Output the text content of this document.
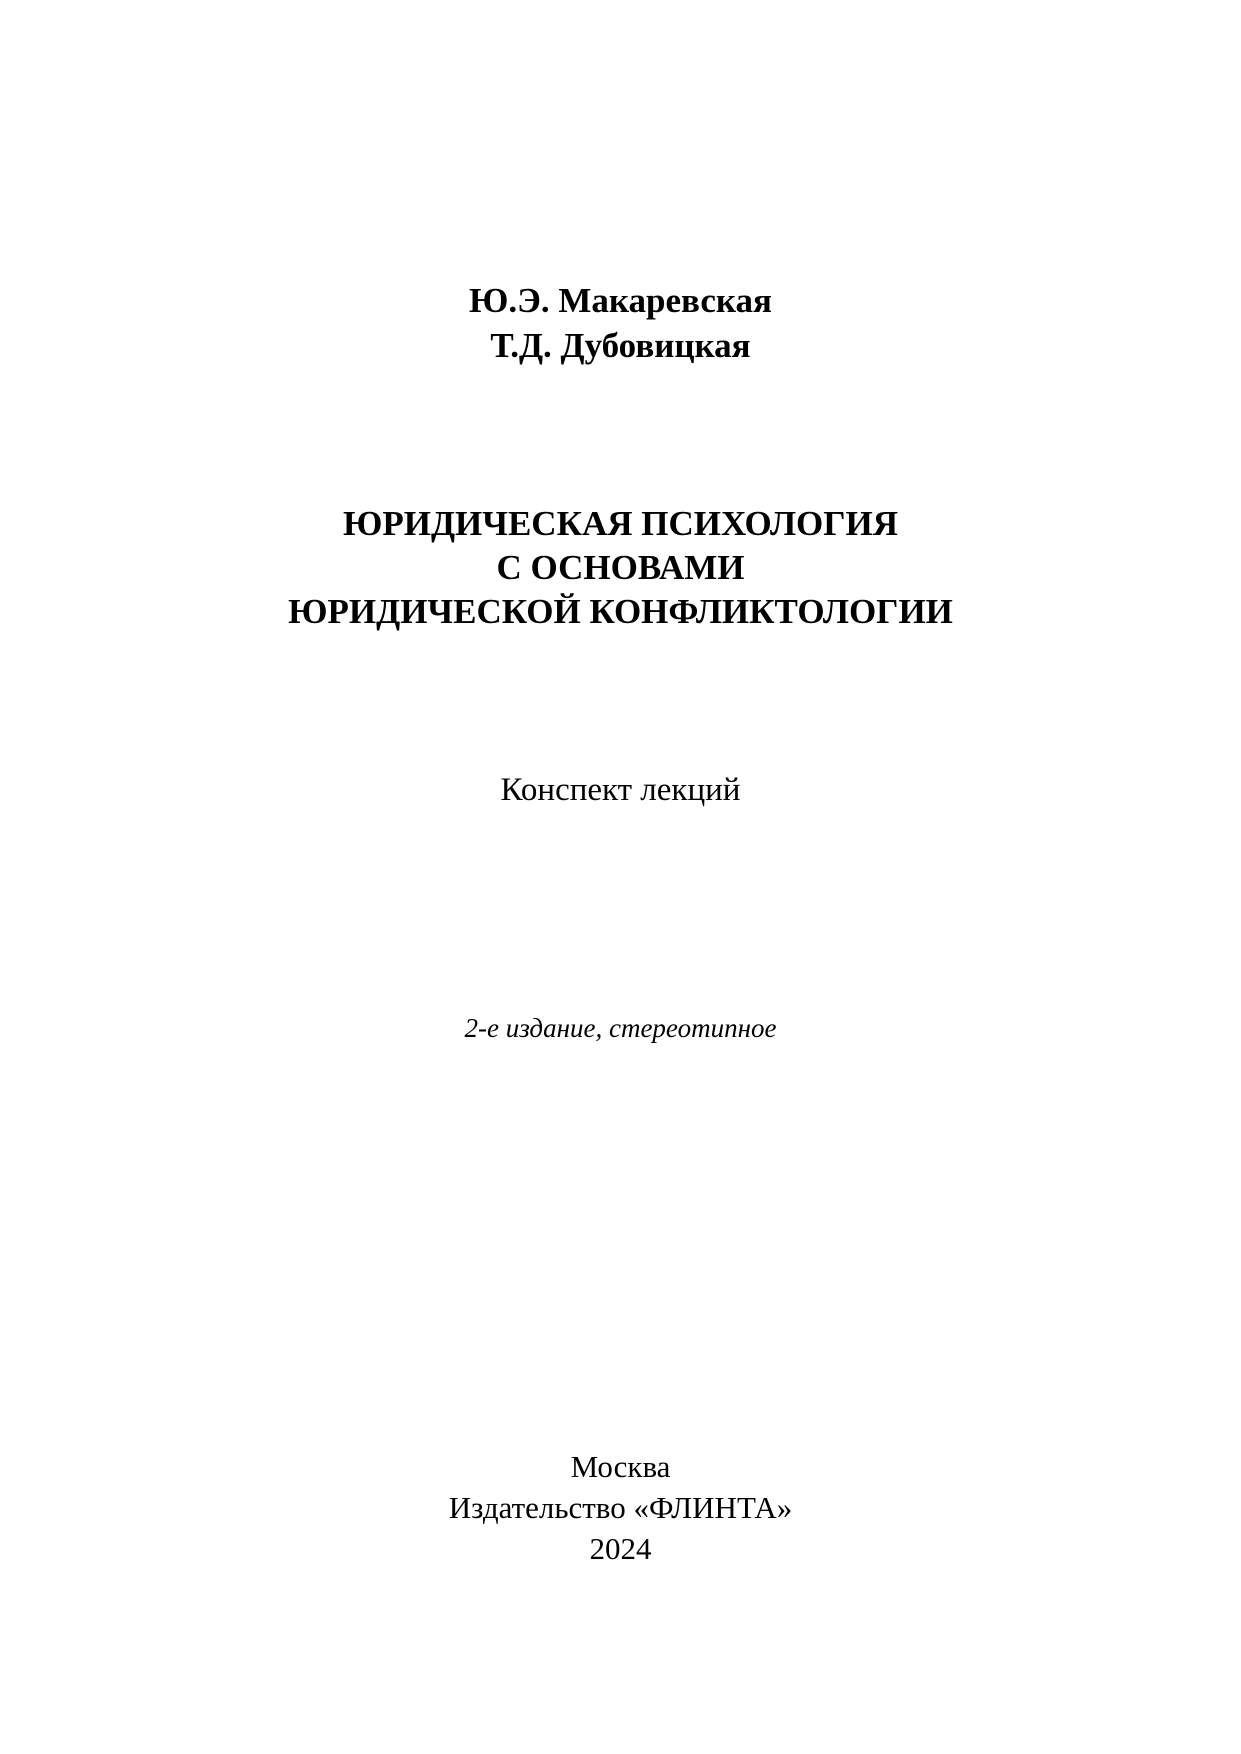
Ю.Э. Макаревская
Т.Д. Дубовицкая
ЮРИДИЧЕСКАЯ ПСИХОЛОГИЯ
С ОСНОВАМИ
ЮРИДИЧЕСКОЙ КОНФЛИКТОЛОГИИ
Конспект лекций
2-е издание, стереотипное
Москва
Издательство «ФЛИНТА»
2024
